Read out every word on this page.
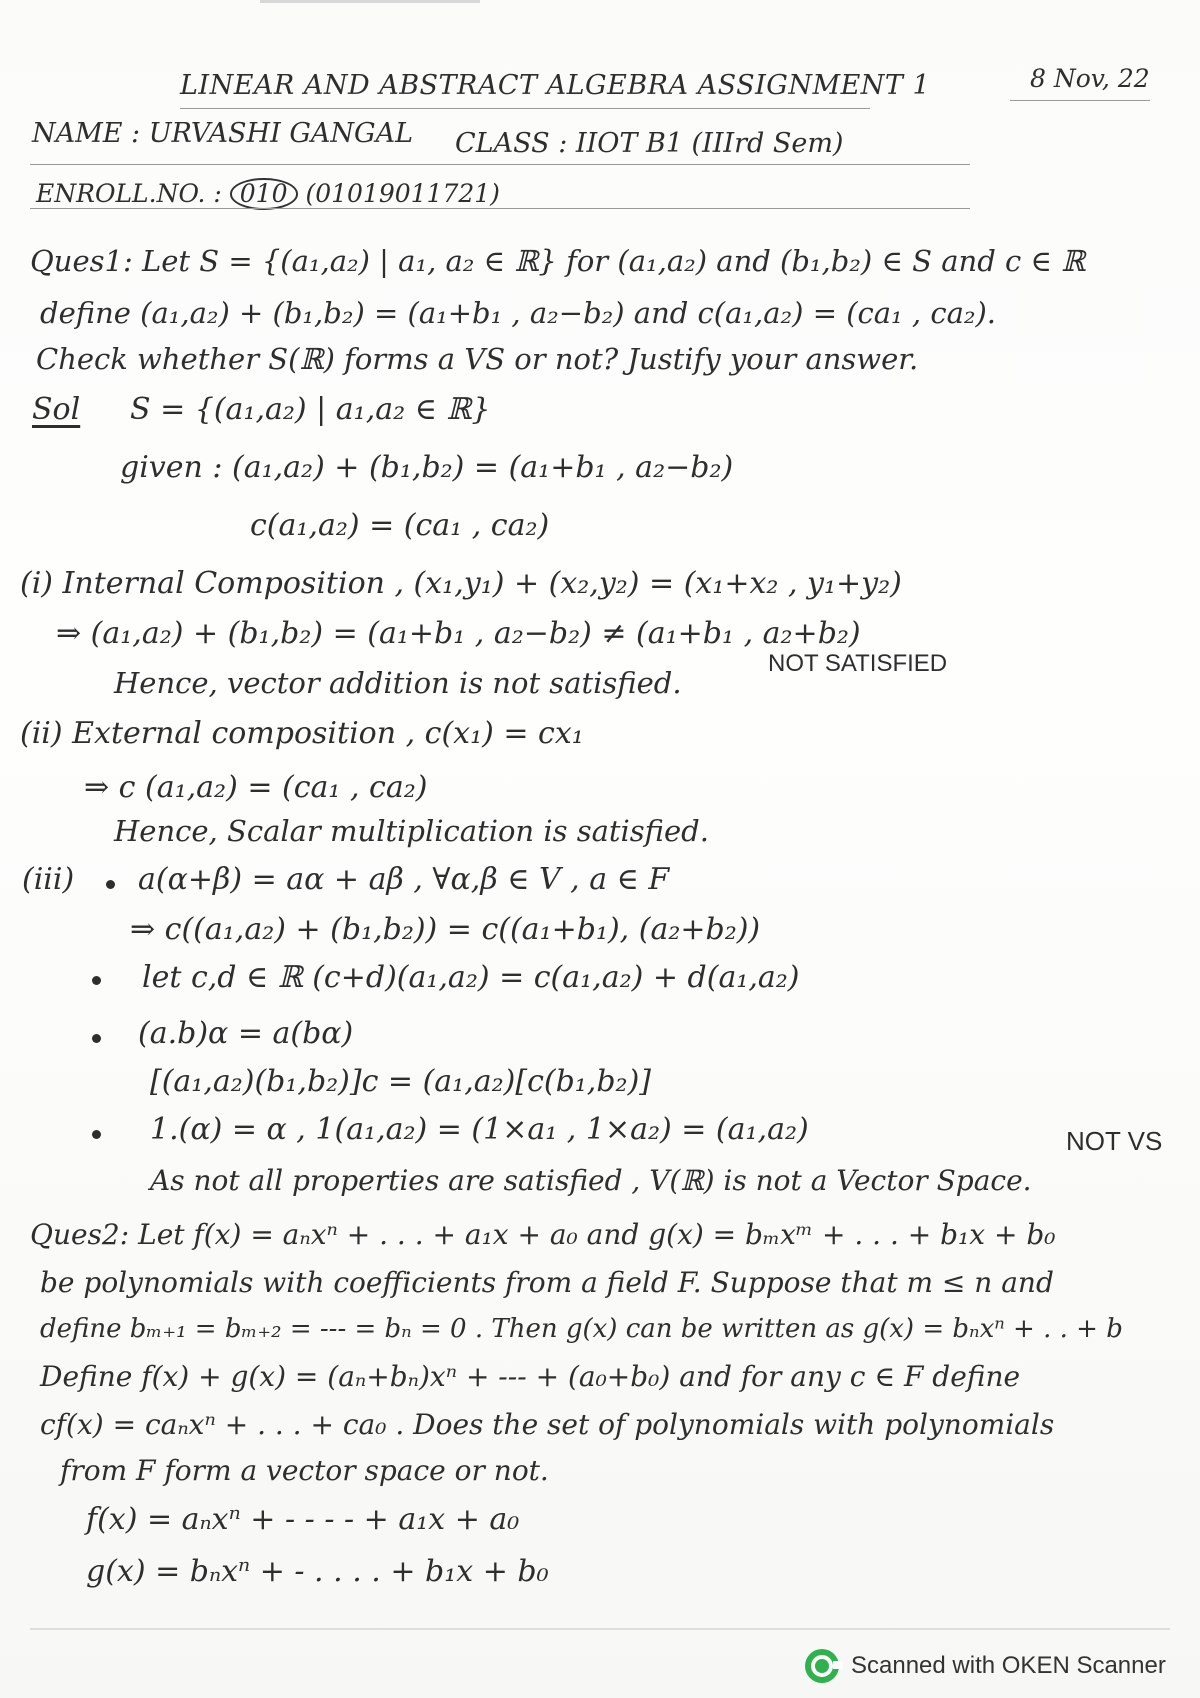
LINEAR AND ABSTRACT ALGEBRA ASSIGNMENT 1	8 Nov, 22
NAME : URVASHI GANGAL CLASS : IIOT B1 (IIIrd Sem)
ENROLL.NO. : 010 (01019011721)
Ques1: Let S = {(a₁,a₂) | a₁, a₂ ∈ ℝ} for (a₁,a₂) and (b₁,b₂) ∈ S and c ∈ ℝ
define (a₁,a₂) + (b₁,b₂) = (a₁+b₁ , a₂−b₂) and c(a₁,a₂) = (ca₁ , ca₂).
Check whether S(ℝ) forms a VS or not? Justify your answer.
Sol S = {(a₁,a₂) | a₁,a₂ ∈ ℝ}
given : (a₁,a₂) + (b₁,b₂) = (a₁+b₁ , a₂−b₂)
c(a₁,a₂) = (ca₁ , ca₂)
(i) Internal Composition , (x₁,y₁) + (x₂,y₂) = (x₁+x₂ , y₁+y₂)
⇒ (a₁,a₂) + (b₁,b₂) = (a₁+b₁ , a₂−b₂) ≠ (a₁+b₁ , a₂+b₂)
Hence, vector addition is not satisfied.
NOT SATISFIED
(ii) External composition , c(x₁) = cx₁
⇒ c (a₁,a₂) = (ca₁ , ca₂)
Hence, Scalar multiplication is satisfied.
(iii) a(α+β) = aα + aβ , ∀α,β ∈ V , a ∈ F
⇒ c((a₁,a₂) + (b₁,b₂)) = c((a₁+b₁), (a₂+b₂))
let c,d ∈ ℝ (c+d)(a₁,a₂) = c(a₁,a₂) + d(a₁,a₂)
(a.b)α = a(bα)
[(a₁,a₂)(b₁,b₂)]c = (a₁,a₂)[c(b₁,b₂)]
1.(α) = α , 1(a₁,a₂) = (1×a₁ , 1×a₂) = (a₁,a₂)
As not all properties are satisfied , V(ℝ) is not a Vector Space.
NOT VS
Ques2: Let f(x) = aₙxⁿ + . . . + a₁x + a₀ and g(x) = bₘxᵐ + . . . + b₁x + b₀
be polynomials with coefficients from a field F. Suppose that m ≤ n and
define bₘ₊₁ = bₘ₊₂ = --- = bₙ = 0 . Then g(x) can be written as g(x) = bₙxⁿ + . . + b
Define f(x) + g(x) = (aₙ+bₙ)xⁿ + --- + (a₀+b₀) and for any c ∈ F define
cf(x) = caₙxⁿ + . . . + ca₀ . Does the set of polynomials with polynomials
from F form a vector space or not.
f(x) = aₙxⁿ + - - - - + a₁x + a₀
g(x) = bₙxⁿ + - . . . . + b₁x + b₀
Scanned with OKEN Scanner
